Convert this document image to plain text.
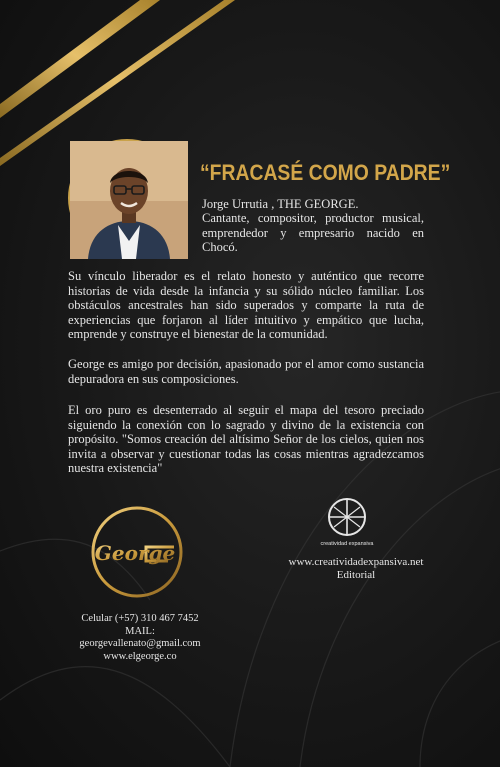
“FRACASÉ COMO PADRE”
Jorge Urrutia , THE GEORGE.
Cantante, compositor, productor musical, emprendedor y empresario nacido en Chocó.
Su vínculo liberador es el relato honesto y auténtico que recorre historias de vida desde la infancia y su sólido núcleo familiar. Los obstáculos ancestrales han sido superados y comparte la ruta de experiencias que forjaron al líder intuitivo y empático que lucha, emprende y construye el bienestar de la comunidad.
George es amigo por decisión, apasionado por el amor como sustancia depuradora en sus composiciones.
El oro puro es desenterrado al seguir el mapa del tesoro preciado siguiendo la conexión con lo sagrado y divino de la existencia con propósito. "Somos creación del altísimo Señor de los cielos, quien nos invita a observar y cuestionar todas las cosas mientras agradezcamos nuestra existencia"
George	creatividad expansiva
www.creatividadexpansiva.net
Editorial
Celular (+57) 310 467 7452
MAIL:
georgevallenato@gmail.com
www.elgeorge.co
